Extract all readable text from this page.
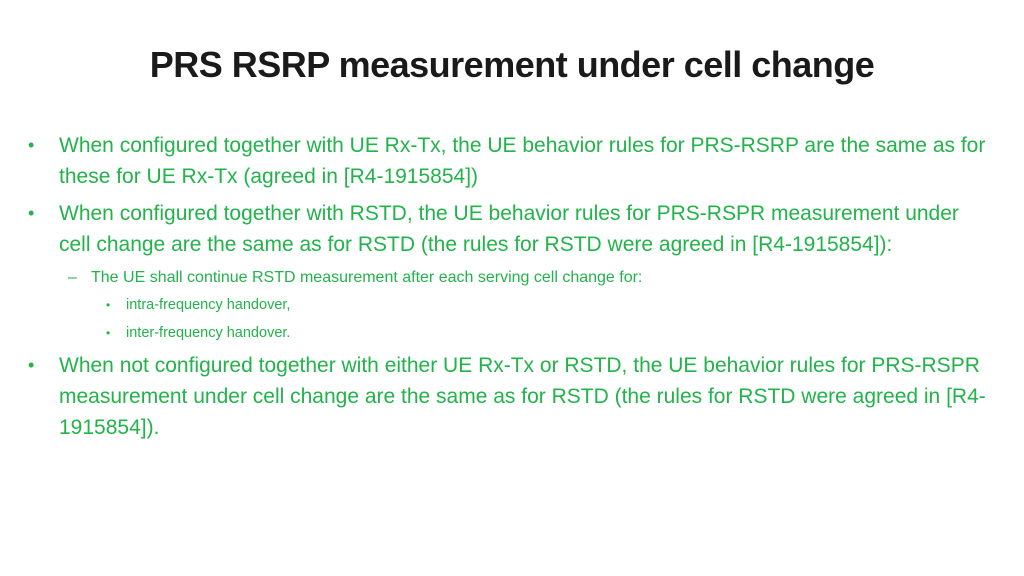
PRS RSRP measurement under cell change
•	When configured together with UE Rx-Tx, the UE behavior rules for PRS-RSRP are the same as for these for UE Rx-Tx (agreed in [R4-1915854])
•	When configured together with RSTD, the UE behavior rules for PRS-RSPR measurement under cell change are the same as for RSTD (the rules for RSTD were agreed in [R4-1915854]):
– The UE shall continue RSTD measurement after each serving cell change for:
• intra-frequency handover,
• inter-frequency handover.
•	When not configured together with either UE Rx-Tx or RSTD, the UE behavior rules for PRS-RSPR measurement under cell change are the same as for RSTD (the rules for RSTD were agreed in [R4-1915854]).
